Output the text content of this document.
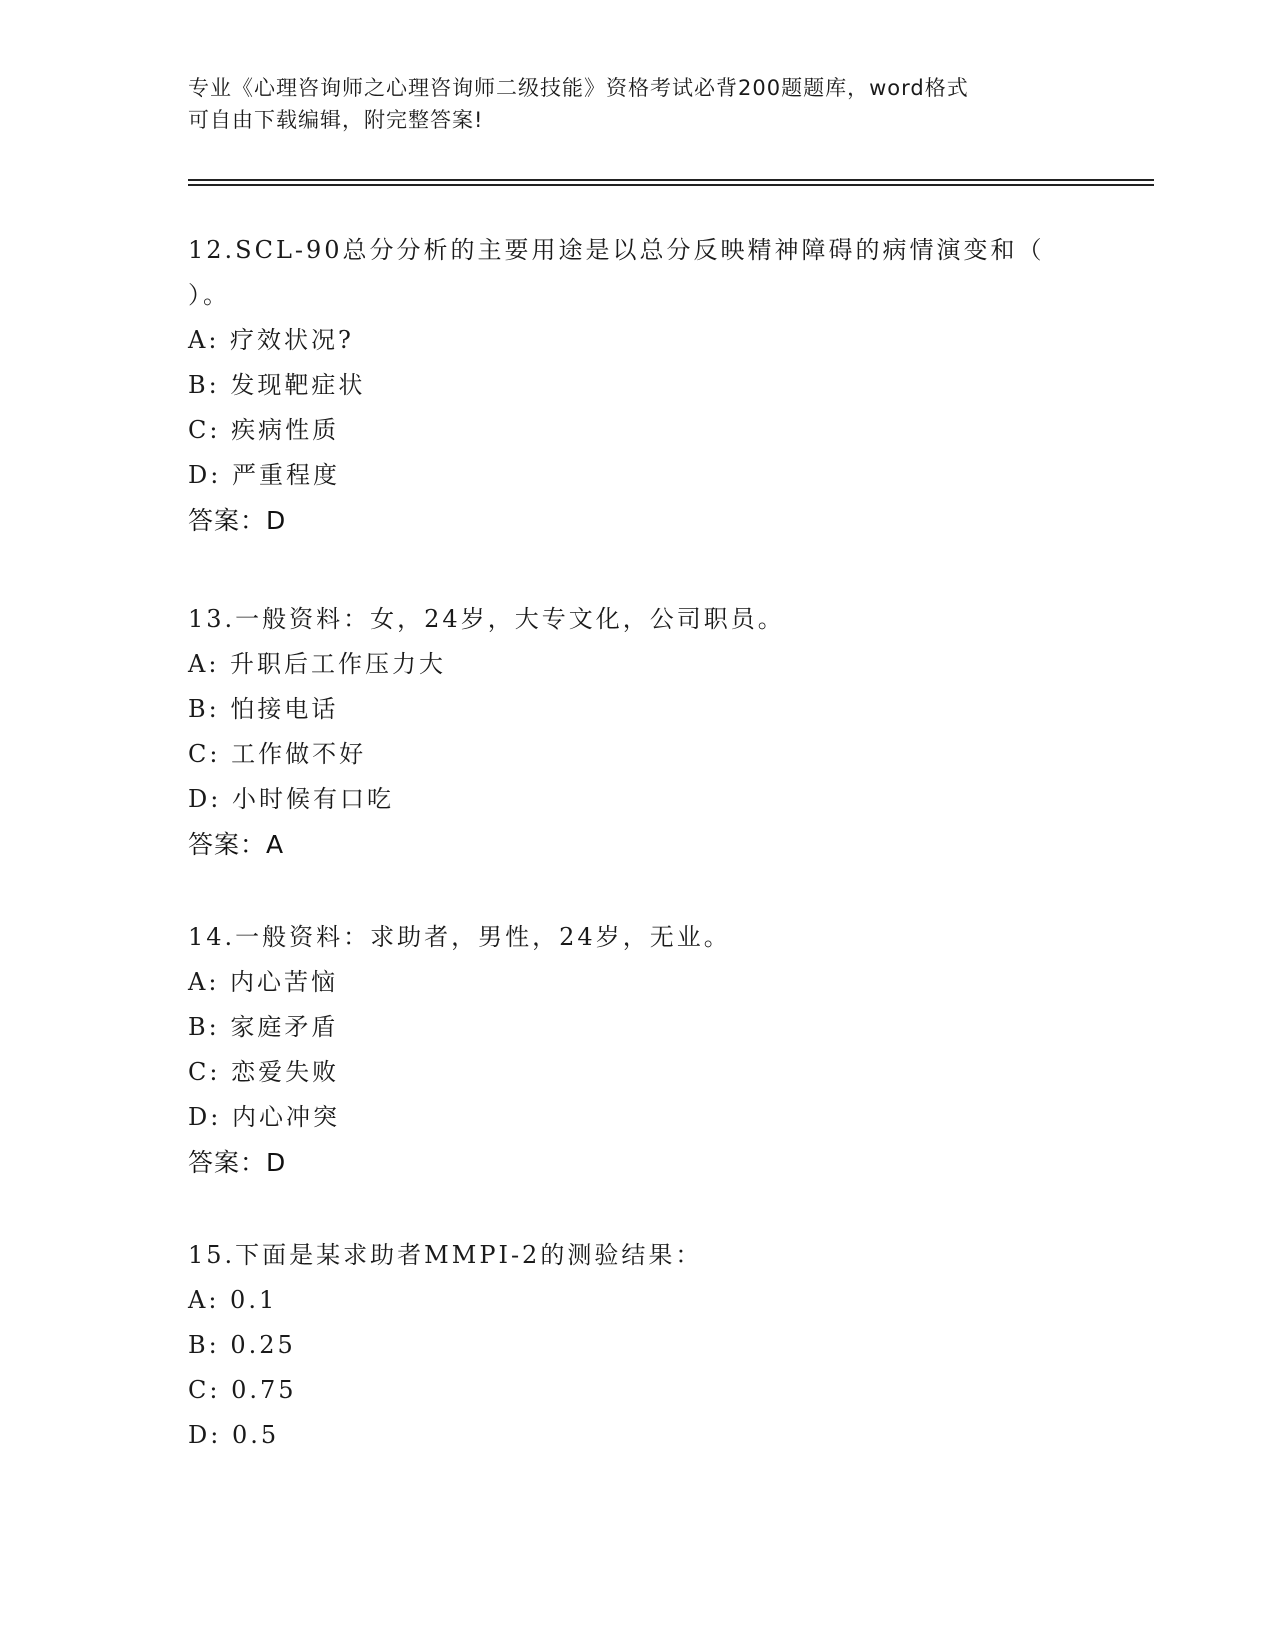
专业《心理咨询师之心理咨询师二级技能》资格考试必背200题题库，word格式
可自由下载编辑，附完整答案!
12.SCL-90总分分析的主要用途是以总分反映精神障碍的病情演变和（ ）。
A: 疗效状况?
B: 发现靶症状
C: 疾病性质
D: 严重程度
答案：D
13.一般资料：女，24岁，大专文化，公司职员。
A: 升职后工作压力大
B: 怕接电话
C: 工作做不好
D: 小时候有口吃
答案：A
14.一般资料：求助者，男性，24岁，无业。
A: 内心苦恼
B: 家庭矛盾
C: 恋爱失败
D: 内心冲突
答案：D
15.下面是某求助者MMPI-2的测验结果：
A: 0.1
B: 0.25
C: 0.75
D: 0.5
